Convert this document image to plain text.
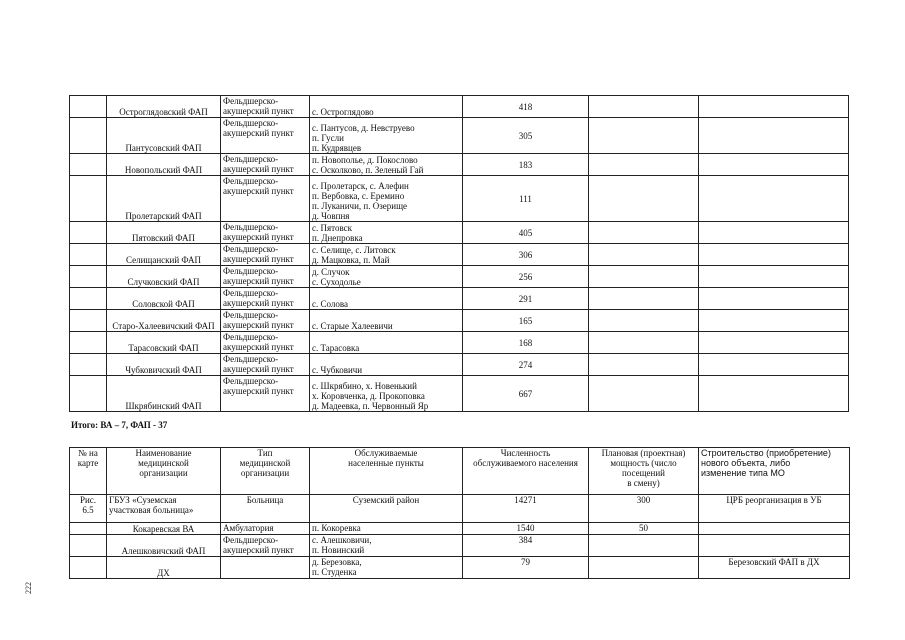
	Остроглядовский ФАП	Фельдшерско-
акушерский пункт	с. Остроглядово	418		
	Пантусовский ФАП	Фельдшерско-
акушерский пункт	с. Пантусов, д. Невструево
п. Гусли
п. Кудрявцев	305		
	Новопольский ФАП	Фельдшерско-
акушерский пункт	п. Новополье, д. Покослово
с. Осколково, п. Зеленый Гай	183		
	Пролетарский ФАП	Фельдшерско-
акушерский пункт	с. Пролетарск, с. Алефин
п. Вербовка, с. Еремино
п. Луканичи, п. Озерище
д. Човпня	111		
	Пятовский ФАП	Фельдшерско-
акушерский пункт	с. Пятовск
п. Днепровка	405		
	Селищанский ФАП	Фельдшерско-
акушерский пункт	с. Селище, с. Литовск
д. Мацковка, п. Май	306		
	Случковский ФАП	Фельдшерско-
акушерский пункт	д. Случок
с. Суходолье	256		
	Соловской ФАП	Фельдшерско-
акушерский пункт	с. Солова	291		
	Старо-Халеевичский ФАП	Фельдшерско-
акушерский пункт	с. Старые Халеевичи	165		
	Тарасовский ФАП	Фельдшерско-
акушерский пункт	с. Тарасовка	168		
	Чубковичский ФАП	Фельдшерско-
акушерский пункт	с. Чубковичи	274		
	Шкрябинский ФАП	Фельдшерско-
акушерский пункт	с. Шкрябино, х. Новенький
х. Коровченка, д. Прокоповка
д. Мадеевка, п. Червонный Яр	667		
Итого: ВА – 7, ФАП - 37
№ на
карте	Наименование
медицинской
организации	Тип
медицинской
организации	Обслуживаемые
населенные пункты	Численность
обслуживаемого населения	Плановая (проектная)
мощность (число
посещений
в смену)	Строительство (приобретение)
нового объекта, либо
изменение типа МО

Рис.
6.5	ГБУЗ «Суземская
участковая больница»	Больница	Суземский район	14271	300	ЦРБ реорганизация в УБ

	Кокаревская ВА	Амбулатория	п. Кокоревка	1540	50	

	Алешковичский ФАП	Фельдшерско-
акушерский пункт	с. Алешковичи,
п. Новинский	384		

	ДХ		д. Березовка,
п. Студенка	79		Березовский ФАП в ДХ
222
